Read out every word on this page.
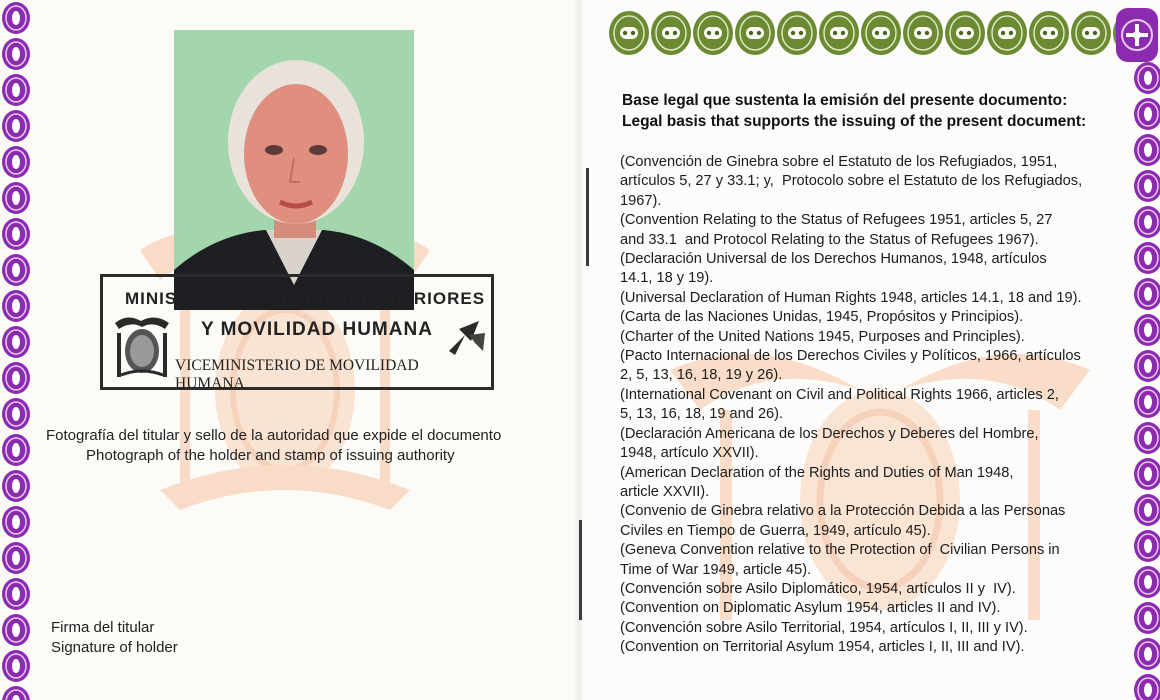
MINIS	E RELACIONE RIORES
Y MOVILIDAD HUMANA
VICEMINISTERIO DE MOVILIDAD HUMANA
Fotografía del titular y sello de la autoridad que expide el documento
Photograph of the holder and stamp of issuing authority
Firma del titular
Signature of holder
Base legal que sustenta la emisión del presente documento:
Legal basis that supports the issuing of the present document:
(Convención de Ginebra sobre el Estatuto de los Refugiados, 1951,
artículos 5, 27 y 33.1; y,  Protocolo sobre el Estatuto de los Refugiados,
1967).
(Convention Relating to the Status of Refugees 1951, articles 5, 27
and 33.1  and Protocol Relating to the Status of Refugees 1967).
(Declaración Universal de los Derechos Humanos, 1948, artículos
14.1, 18 y 19).
(Universal Declaration of Human Rights 1948, articles 14.1, 18 and 19).
(Carta de las Naciones Unidas, 1945, Propósitos y Principios).
(Charter of the United Nations 1945, Purposes and Principles).
(Pacto Internacional de los Derechos Civiles y Políticos, 1966, artículos
2, 5, 13, 16, 18, 19 y 26).
(International Covenant on Civil and Political Rights 1966, articles 2,
5, 13, 16, 18, 19 and 26).
(Declaración Americana de los Derechos y Deberes del Hombre,
1948, artículo XXVII).
(American Declaration of the Rights and Duties of Man 1948,
article XXVII).
(Convenio de Ginebra relativo a la Protección Debida a las Personas
Civiles en Tiempo de Guerra, 1949, artículo 45).
(Geneva Convention relative to the Protection of  Civilian Persons in
Time of War 1949, article 45).
(Convención sobre Asilo Diplomático, 1954, artículos II y  IV).
(Convention on Diplomatic Asylum 1954, articles II and IV).
(Convención sobre Asilo Territorial, 1954, artículos I, II, III y IV).
(Convention on Territorial Asylum 1954, articles I, II, III and IV).
